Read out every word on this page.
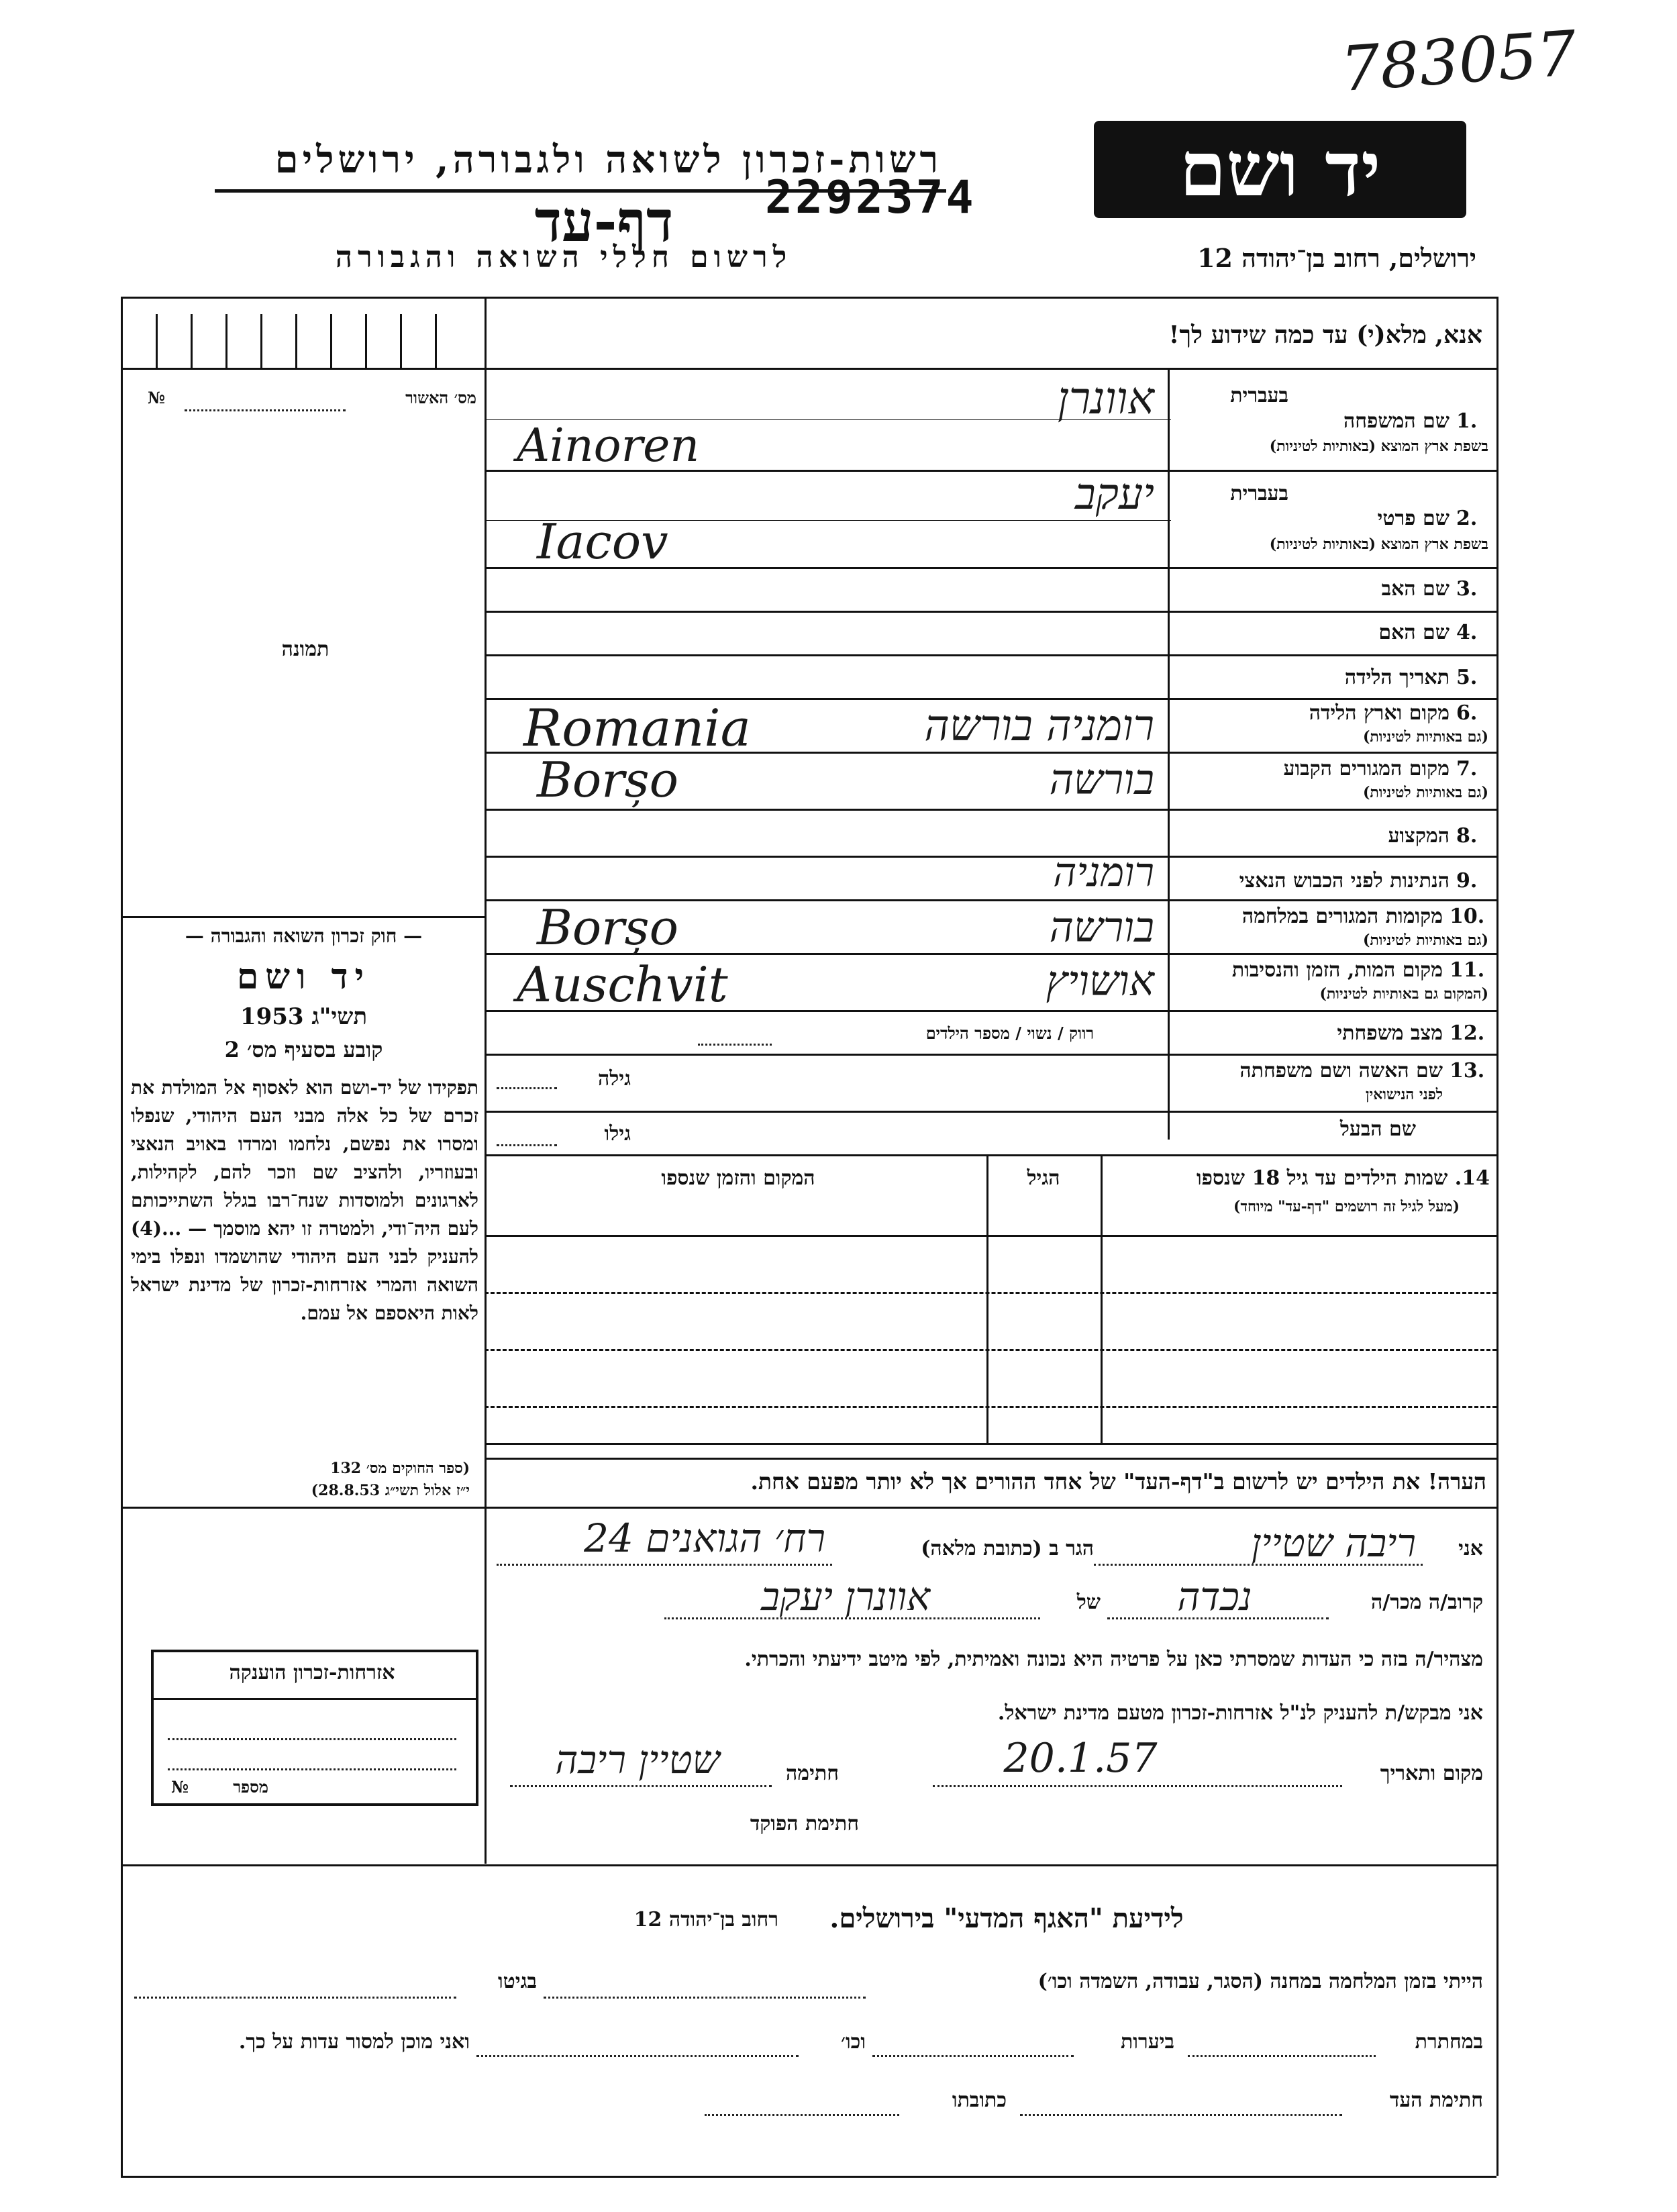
783057
רשות-זכרון לשואה ולגבורה, ירושלים
2292374
דף-עד
לרשום חללי השואה והגבורה
יד ושם
ירושלים, רחוב בן־יהודה 12
אנא, מלא(י) עד כמה שידוע לך!
מס׳ האשור
№
תמונה
בעברית
שם המשפחה 1.
בשפת ארץ המוצא (באותיות לטיניות)
אוונרן
Ainoren
בעברית
שם פרטי 2.
בשפת ארץ המוצא (באותיות לטיניות)
יעקב
Iacov
שם האב 3.
שם האם 4.
תאריך הלידה 5.
מקום וארץ הלידה 6.
(גם באותיות לטיניות)
רומניה בורשה
Romania
מקום המגורים הקבוע 7.
(גם באותיות לטיניות)
בורשה
Borșo
המקצוע 8.
הנתינות לפני הכבוש הנאצי 9.
רומניה
מקומות המגורים במלחמה 10.
(גם באותיות לטיניות)
בורשה
Borșo
מקום המות, הזמן והנסיבות 11.
(המקום גם באותיות לטיניות)
אושויץ
Auschvit
מצב משפחתי 12.
רווק / נשוי / מספר הילדים
שם האשה ושם משפחתה 13.
לפני הנישואין
גילה
שם הבעל
גילו
14. שמות הילדים עד גיל 18 שנספו
(מעל לגיל זה רושמים "דף-עד" מיוחד)
הגיל
המקום והזמן שנספו
— חוק זכרון השואה והגבורה —
יד ושם
תשי"ג 1953
קובע בסעיף מס׳ 2
תפקידו של יד-ושם הוא לאסוף אל המולדת את זכרם של כל אלה מבני העם היהודי, שנפלו ומסרו את נפשם, נלחמו ומרדו באויב הנאצי ובעוזריו, ולהציב שם וזכר להם, לקהילות, לארגונים ולמוסדות שנח־רבו בגלל השתייכותם לעם היה־ודי, ולמטרה זו יהא מוסמך — ...(4) להעניק לבני העם היהודי שהושמדו ונפלו בימי השואה והמרי אזרחות-זכרון של מדינת ישראל לאות היאספם אל עמם.
(ספר החוקים מס׳ 132
י״ז אלול תשי״ג 28.8.53)	הערה! את הילדים יש לרשום ב"דף-העד" של אחד ההורים אך לא יותר מפעם אחת.
אני
ריבה שטיין
הגר ב (כתובת מלאה)
רח׳ הגואנים 24
קרוב/ה מכר/ה
נכדה
של
אוונרן יעקב
מצהיר/ה בזה כי העדות שמסרתי כאן על פרטיה היא נכונה ואמיתית, לפי מיטב ידיעתי והכרתי.
אני מבקש/ת להעניק לנ"ל אזרחות-זכרון מטעם מדינת ישראל.
מקום ותאריך
20.1.57
חתימה
שטיין ריבה
חתימת הפוקד
אזרחות-זכרון הוענקה
מספר
№
לידיעת "האגף המדעי" בירושלים.
רחוב בן־יהודה 12
הייתי בזמן המלחמה במחנה (הסגר, עבודה, השמדה וכו׳)
בגיטו
במחתרת
ביערות
וכו׳
ואני מוכן למסור עדות על כך.
חתימת העד
כתובתו
